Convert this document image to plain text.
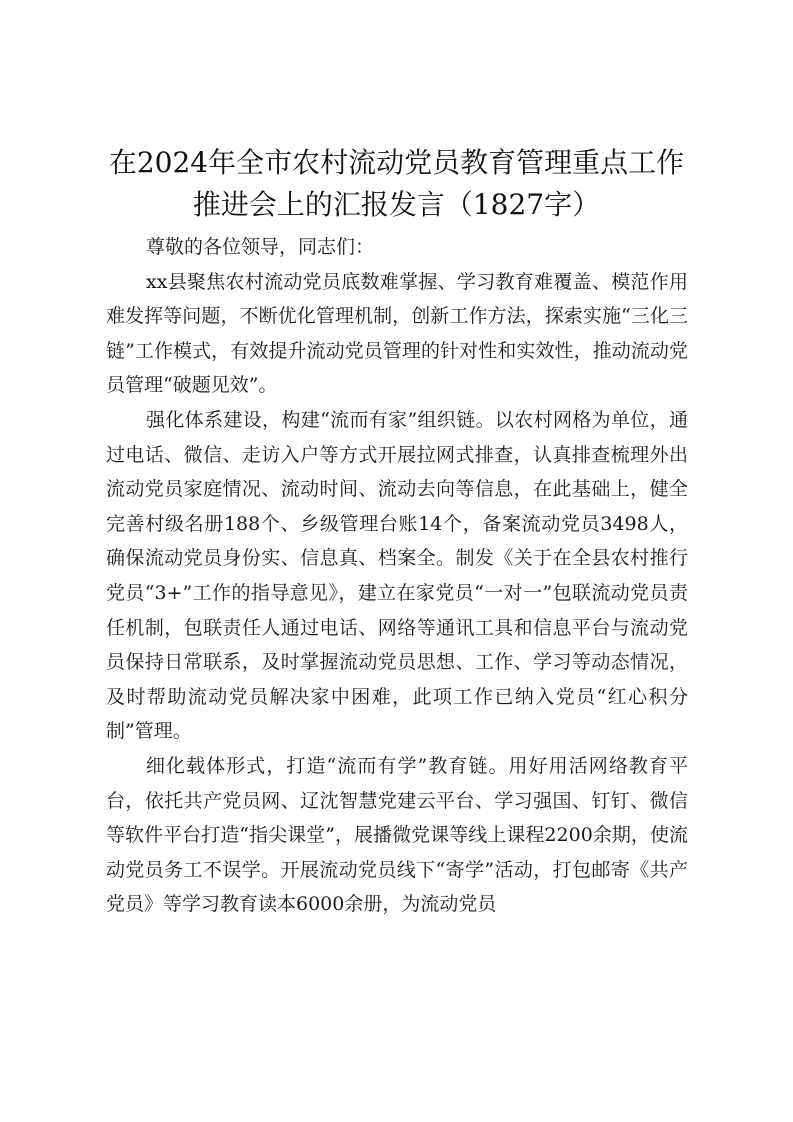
在2024年全市农村流动党员教育管理重点工作推进会上的汇报发言（1827字）

尊敬的各位领导，同志们：

xx县聚焦农村流动党员底数难掌握、学习教育难覆盖、模范作用难发挥等问题，不断优化管理机制，创新工作方法，探索实施“三化三链”工作模式，有效提升流动党员管理的针对性和实效性，推动流动党员管理“破题见效”。

强化体系建设，构建“流而有家”组织链。以农村网格为单位，通过电话、微信、走访入户等方式开展拉网式排查，认真排查梳理外出流动党员家庭情况、流动时间、流动去向等信息，在此基础上，健全完善村级名册188个、乡级管理台账14个，备案流动党员3498人，确保流动党员身份实、信息真、档案全。制发《关于在全县农村推行党员“3+”工作的指导意见》，建立在家党员“一对一”包联流动党员责任机制，包联责任人通过电话、网络等通讯工具和信息平台与流动党员保持日常联系，及时掌握流动党员思想、工作、学习等动态情况，及时帮助流动党员解决家中困难，此项工作已纳入党员“红心积分制”管理。

细化载体形式，打造“流而有学”教育链。用好用活网络教育平台，依托共产党员网、辽沈智慧党建云平台、学习强国、钉钉、微信等软件平台打造“指尖课堂”，展播微党课等线上课程2200余期，使流动党员务工不误学。开展流动党员线下“寄学”活动，打包邮寄《共产党员》等学习教育读本6000余册，为流动党员
